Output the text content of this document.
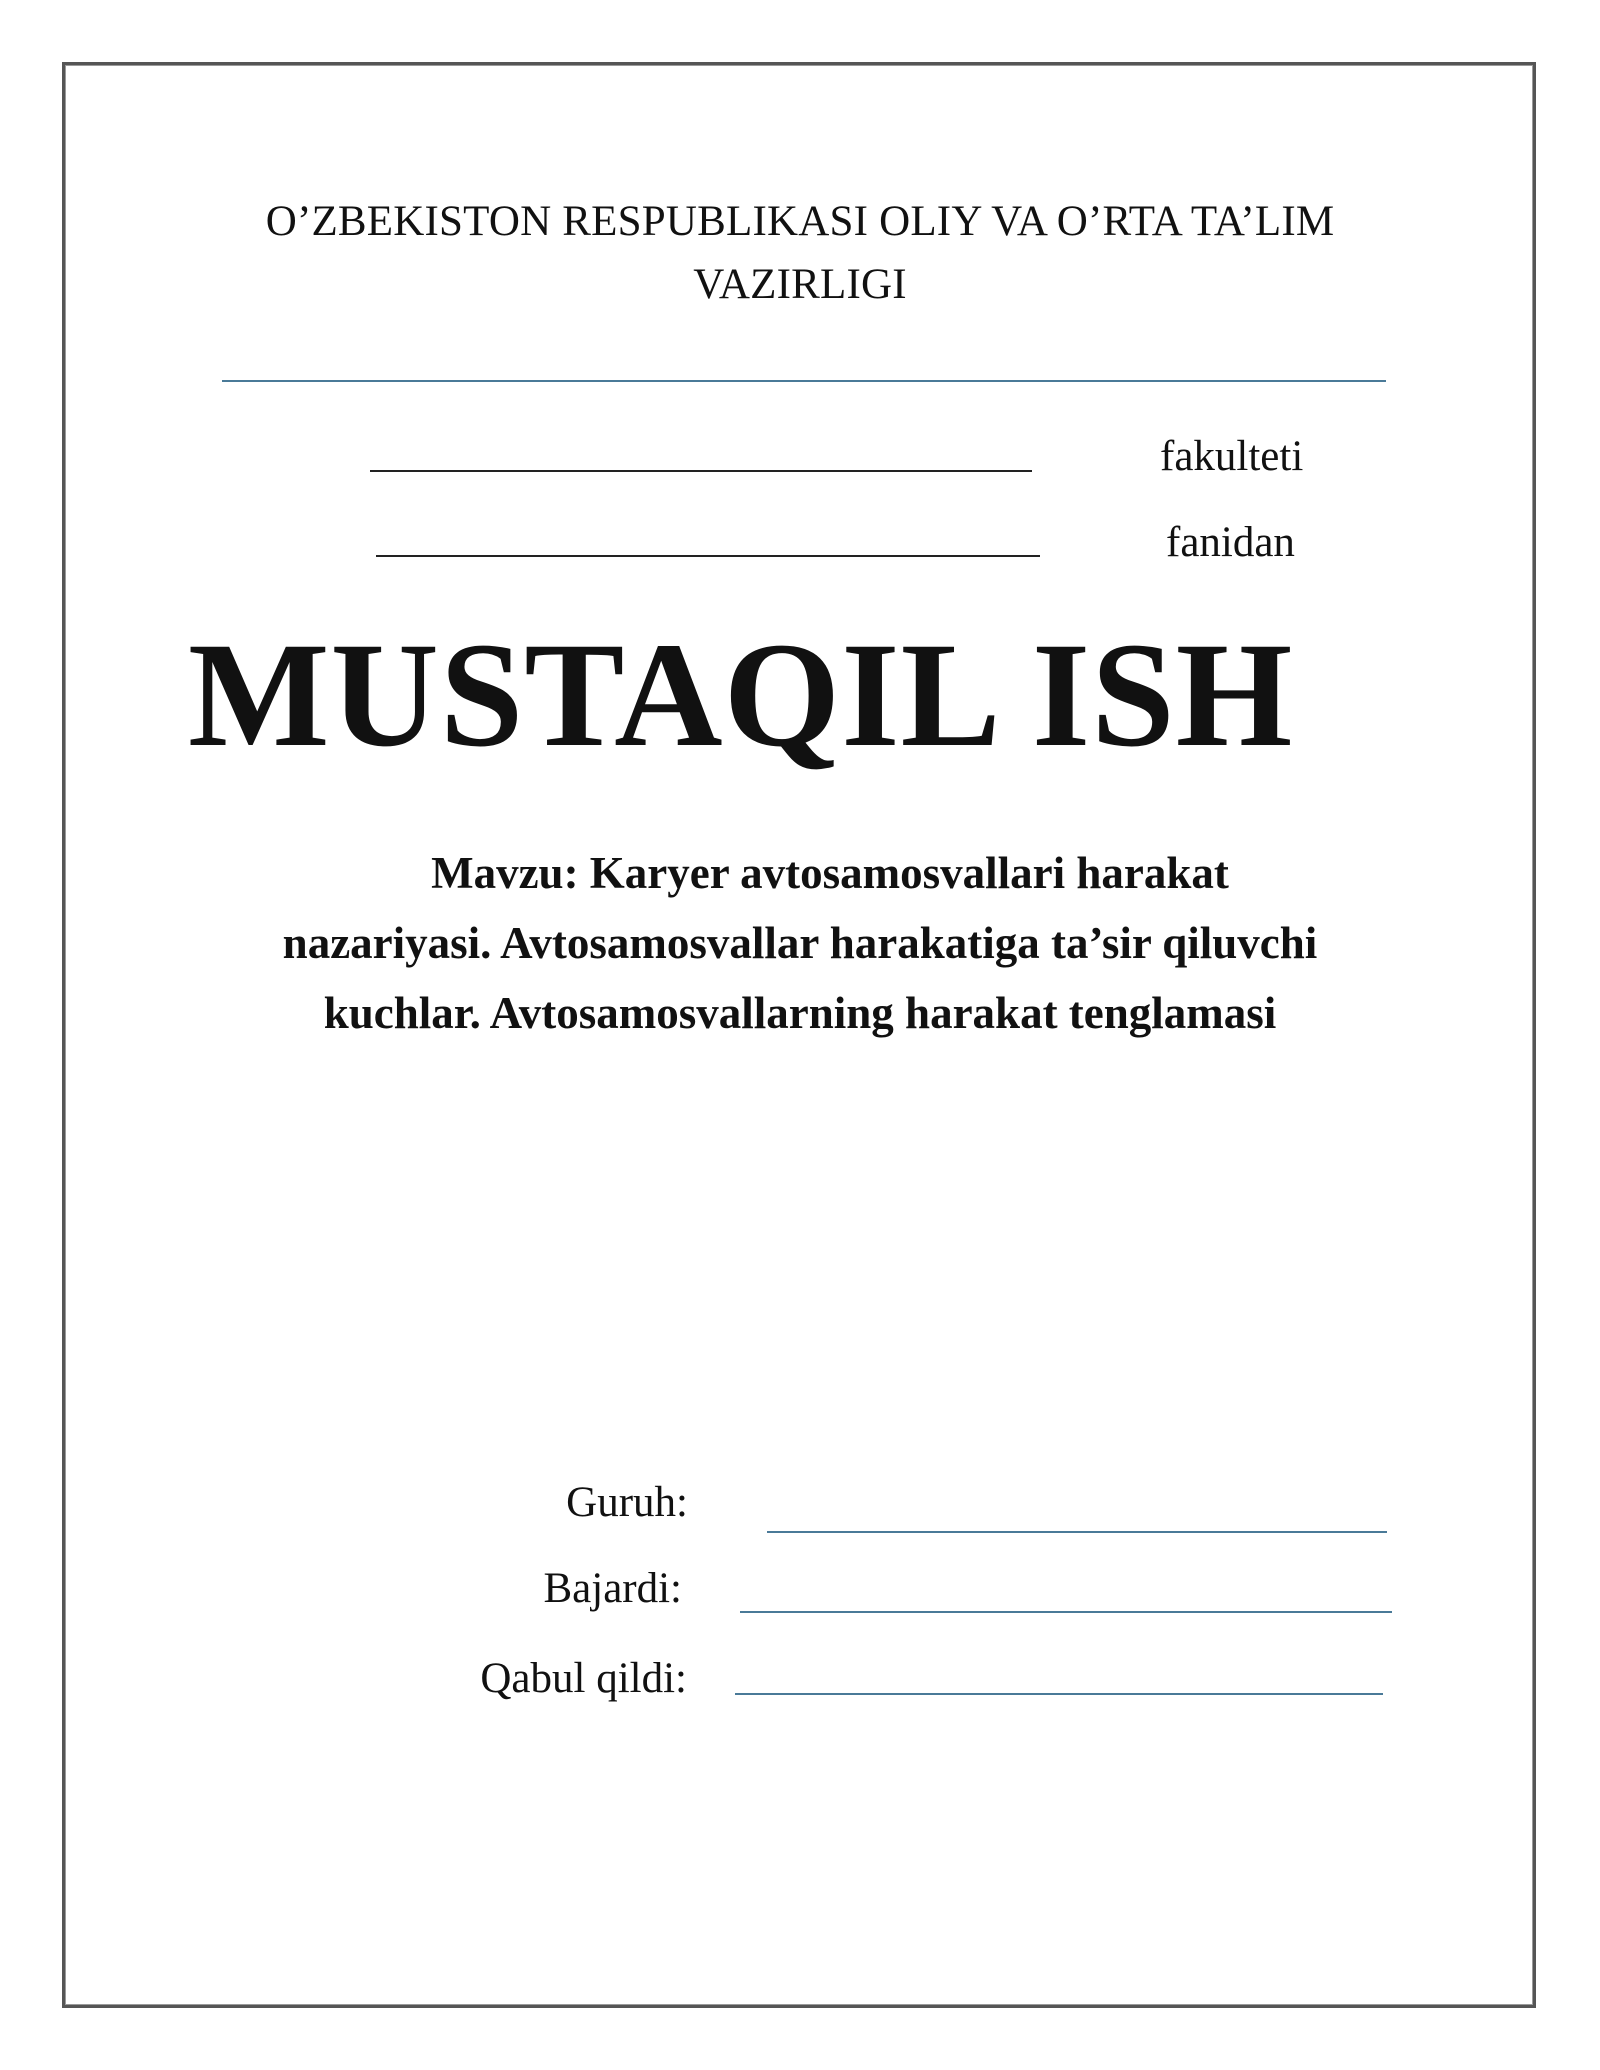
O’ZBEKISTON RESPUBLIKASI OLIY VA O’RTA TA’LIM
VAZIRLIGI
fakulteti
fanidan
MUSTAQIL ISH
Mavzu: Karyer avtosamosvallari harakat
nazariyasi. Avtosamosvallar harakatiga ta’sir qiluvchi
kuchlar. Avtosamosvallarning harakat tenglamasi
Guruh:
Bajardi:
Qabul qildi:
